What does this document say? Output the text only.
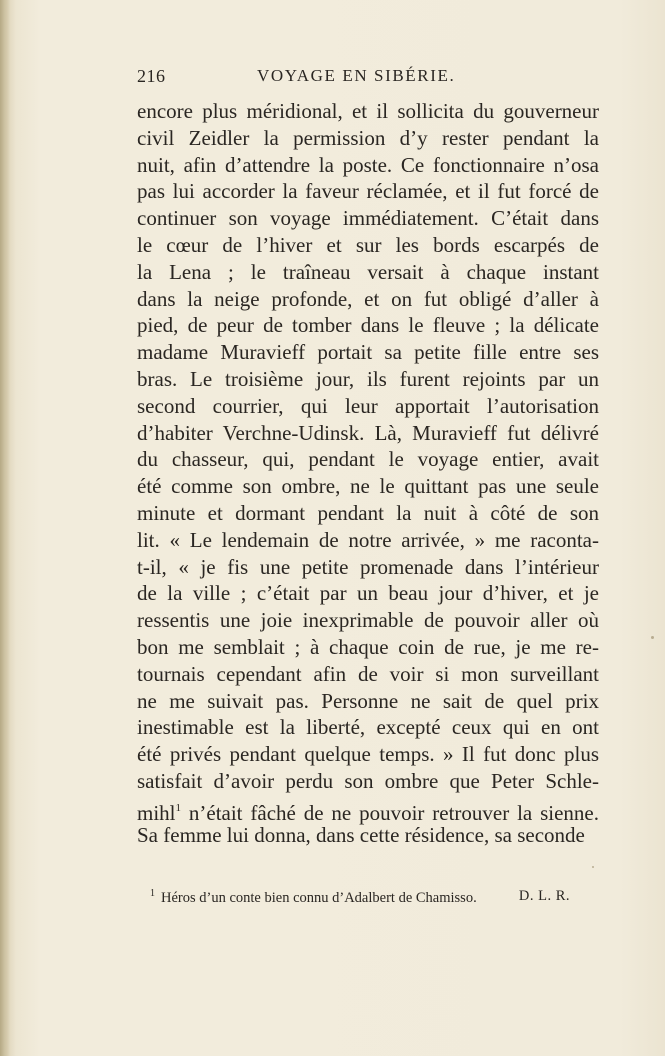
216	VOYAGE EN SIBÉRIE.
encore plus méridional, et il sollicita du gouverneur
civil Zeidler la permission d’y rester pendant la
nuit, afin d’attendre la poste. Ce fonctionnaire n’osa
pas lui accorder la faveur réclamée, et il fut forcé de
continuer son voyage immédiatement. C’était dans
le cœur de l’hiver et sur les bords escarpés de
la Lena ; le traîneau versait à chaque instant
dans la neige profonde, et on fut obligé d’aller à
pied, de peur de tomber dans le fleuve ; la délicate
madame Muravieff portait sa petite fille entre ses
bras. Le troisième jour, ils furent rejoints par un
second courrier, qui leur apportait l’autorisation
d’habiter Verchne-Udinsk. Là, Muravieff fut délivré
du chasseur, qui, pendant le voyage entier, avait
été comme son ombre, ne le quittant pas une seule
minute et dormant pendant la nuit à côté de son
lit. « Le lendemain de notre arrivée, » me raconta-
t-il, « je fis une petite promenade dans l’intérieur
de la ville ; c’était par un beau jour d’hiver, et je
ressentis une joie inexprimable de pouvoir aller où
bon me semblait ; à chaque coin de rue, je me re-
tournais cependant afin de voir si mon surveillant
ne me suivait pas. Personne ne sait de quel prix
inestimable est la liberté, excepté ceux qui en ont
été privés pendant quelque temps. » Il fut donc plus
satisfait d’avoir perdu son ombre que Peter Schle-
mihl$^1$ n’était fâché de ne pouvoir retrouver la sienne.
Sa femme lui donna, dans cette résidence, sa seconde
$^1$ Héros d’un conte bien connu d’Adalbert de Chamisso.	D. L. R.
